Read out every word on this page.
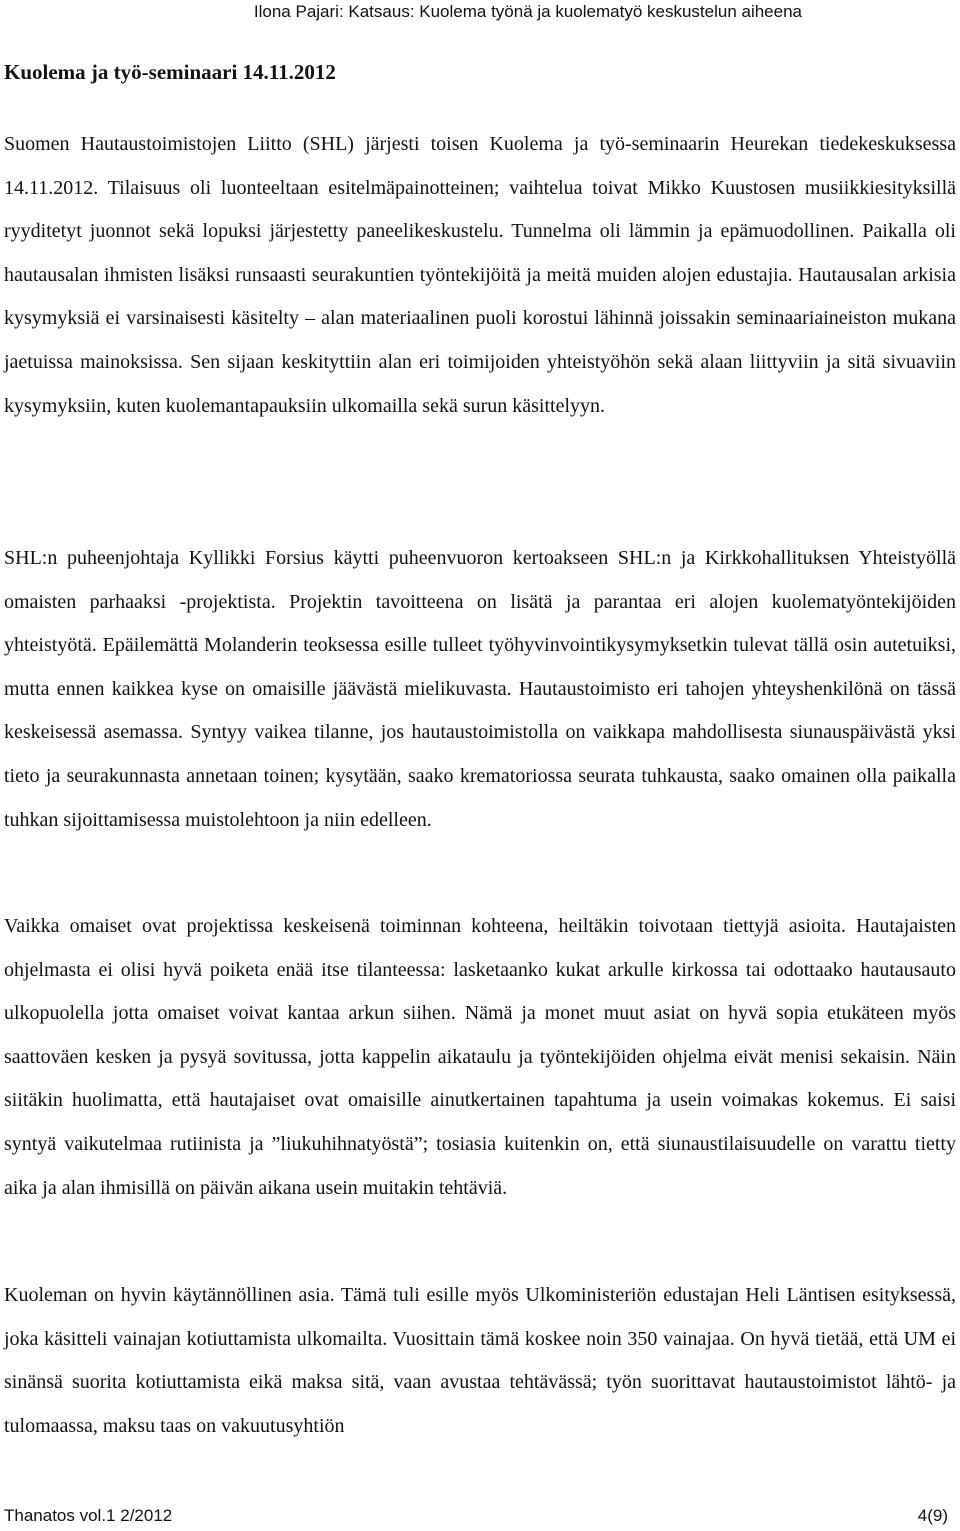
Ilona Pajari: Katsaus: Kuolema työnä ja kuolematyö keskustelun aiheena
Kuolema ja työ-seminaari 14.11.2012

Suomen Hautaustoimistojen Liitto (SHL) järjesti toisen Kuolema ja työ-seminaarin Heurekan tiedekeskuksessa 14.11.2012. Tilaisuus oli luonteeltaan esitelmäpainotteinen; vaihtelua toivat Mikko Kuustosen musiikkiesityksillä ryyditetyt juonnot sekä lopuksi järjestetty paneelikeskustelu. Tunnelma oli lämmin ja epämuodollinen. Paikalla oli hautausalan ihmisten lisäksi runsaasti seurakuntien työntekijöitä ja meitä muiden alojen edustajia. Hautausalan arkisia kysymyksiä ei varsinaisesti käsitelty – alan materiaalinen puoli korostui lähinnä joissakin seminaariaineiston mukana jaetuissa mainoksissa. Sen sijaan keskityttiin alan eri toimijoiden yhteistyöhön sekä alaan liittyviin ja sitä sivuaviin kysymyksiin, kuten kuolemantapauksiin ulkomailla sekä surun käsittelyyn.

SHL:n puheenjohtaja Kyllikki Forsius käytti puheenvuoron kertoakseen SHL:n ja Kirkkohallituksen Yhteistyöllä omaisten parhaaksi -projektista. Projektin tavoitteena on lisätä ja parantaa eri alojen kuolematyöntekijöiden yhteistyötä. Epäilemättä Molanderin teoksessa esille tulleet työhyvinvointikysymyksetkin tulevat tällä osin autetuiksi, mutta ennen kaikkea kyse on omaisille jäävästä mielikuvasta. Hautaustoimisto eri tahojen yhteyshenkilönä on tässä keskeisessä asemassa. Syntyy vaikea tilanne, jos hautaustoimistolla on vaikkapa mahdollisesta siunauspäivästä yksi tieto ja seurakunnasta annetaan toinen; kysytään, saako krematoriossa seurata tuhkausta, saako omainen olla paikalla tuhkan sijoittamisessa muistolehtoon ja niin edelleen.

Vaikka omaiset ovat projektissa keskeisenä toiminnan kohteena, heiltäkin toivotaan tiettyjä asioita. Hautajaisten ohjelmasta ei olisi hyvä poiketa enää itse tilanteessa: lasketaanko kukat arkulle kirkossa tai odottaako hautausauto ulkopuolella jotta omaiset voivat kantaa arkun siihen. Nämä ja monet muut asiat on hyvä sopia etukäteen myös saattoväen kesken ja pysyä sovitussa, jotta kappelin aikataulu ja työntekijöiden ohjelma eivät menisi sekaisin. Näin siitäkin huolimatta, että hautajaiset ovat omaisille ainutkertainen tapahtuma ja usein voimakas kokemus. Ei saisi syntyä vaikutelmaa rutiinista ja ”liukuhihnatyöstä”; tosiasia kuitenkin on, että siunaustilaisuudelle on varattu tietty aika ja alan ihmisillä on päivän aikana usein muitakin tehtäviä.

Kuoleman on hyvin käytännöllinen asia. Tämä tuli esille myös Ulkoministeriön edustajan Heli Läntisen esityksessä, joka käsitteli vainajan kotiuttamista ulkomailta. Vuosittain tämä koskee noin 350 vainajaa. On hyvä tietää, että UM ei sinänsä suorita kotiuttamista eikä maksa sitä, vaan avustaa tehtävässä; työn suorittavat hautaustoimistot lähtö- ja tulomaassa, maksu taas on vakuutusyhtiön

Thanatos vol.1 2/2012	4(9)
